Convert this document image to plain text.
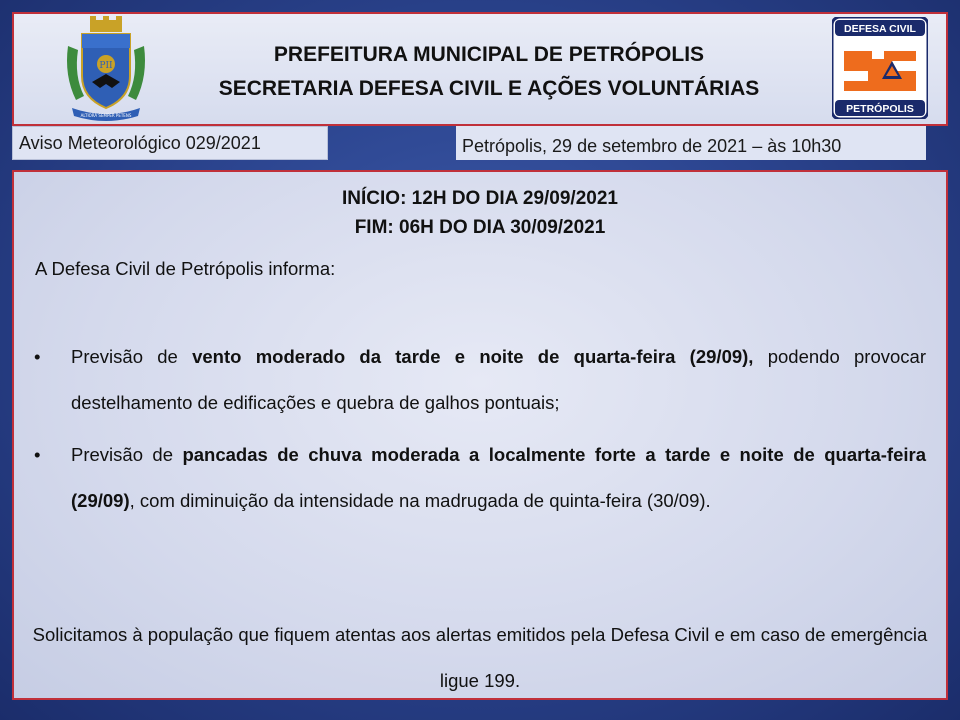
PII
ALTIORA SEMPER PETENS
PREFEITURA MUNICIPAL DE PETRÓPOLIS
SECRETARIA DEFESA CIVIL E AÇÕES VOLUNTÁRIAS
DEFESA CIVIL
PETRÓPOLIS
Aviso Meteorológico 029/2021	Petrópolis, 29 de setembro de 2021 – às 10h30
INÍCIO: 12H DO DIA 29/09/2021
FIM: 06H DO DIA 30/09/2021
A Defesa Civil de Petrópolis informa:
• Previsão de vento moderado da tarde e noite de quarta-feira (29/09), podendo provocar destelhamento de edificações e quebra de galhos pontuais;
• Previsão de pancadas de chuva moderada a localmente forte a tarde e noite de quarta-feira (29/09), com diminuição da intensidade na madrugada de quinta-feira (30/09).
Solicitamos à população que fiquem atentas aos alertas emitidos pela Defesa Civil e em caso de emergência ligue 199.
